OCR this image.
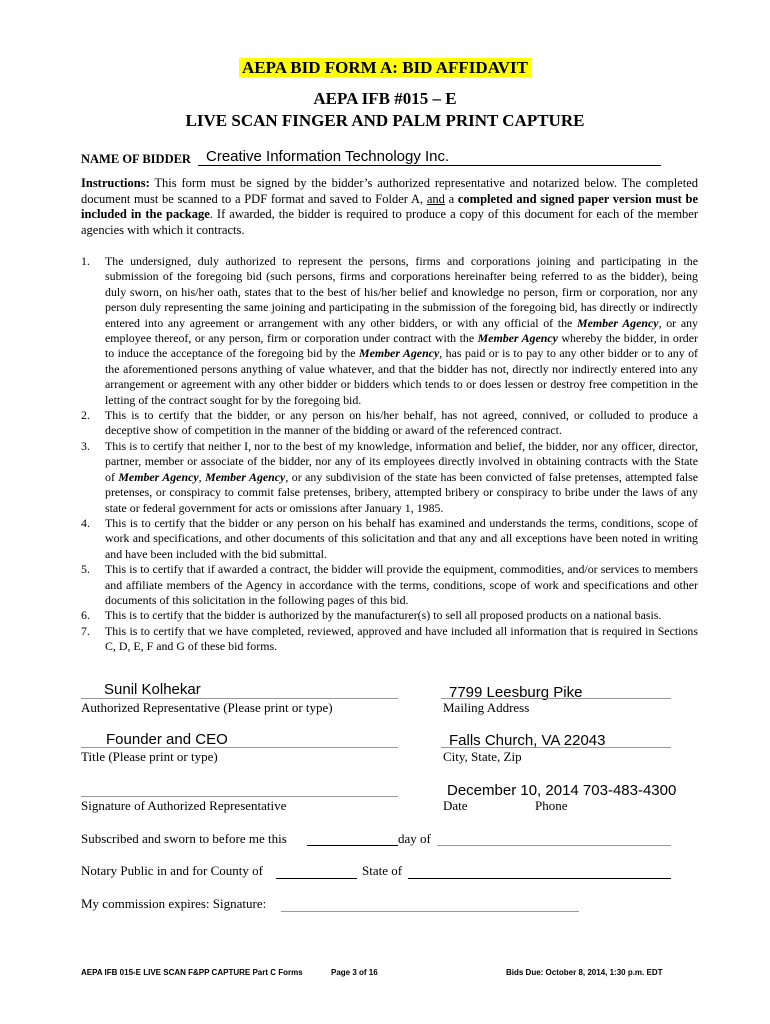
AEPA BID FORM A: BID AFFIDAVIT
AEPA IFB #015 – E
LIVE SCAN FINGER AND PALM PRINT CAPTURE
NAME OF BIDDER Creative Information Technology Inc.
Instructions: This form must be signed by the bidder’s authorized representative and notarized below. The completed document must be scanned to a PDF format and saved to Folder A, and a completed and signed paper version must be included in the package. If awarded, the bidder is required to produce a copy of this document for each of the member agencies with which it contracts.
1. The undersigned, duly authorized to represent the persons, firms and corporations joining and participating in the submission of the foregoing bid (such persons, firms and corporations hereinafter being referred to as the bidder), being duly sworn, on his/her oath, states that to the best of his/her belief and knowledge no person, firm or corporation, nor any person duly representing the same joining and participating in the submission of the foregoing bid, has directly or indirectly entered into any agreement or arrangement with any other bidders, or with any official of the Member Agency, or any employee thereof, or any person, firm or corporation under contract with the Member Agency whereby the bidder, in order to induce the acceptance of the foregoing bid by the Member Agency, has paid or is to pay to any other bidder or to any of the aforementioned persons anything of value whatever, and that the bidder has not, directly nor indirectly entered into any arrangement or agreement with any other bidder or bidders which tends to or does lessen or destroy free competition in the letting of the contract sought for by the foregoing bid.
2. This is to certify that the bidder, or any person on his/her behalf, has not agreed, connived, or colluded to produce a deceptive show of competition in the manner of the bidding or award of the referenced contract.
3. This is to certify that neither I, nor to the best of my knowledge, information and belief, the bidder, nor any officer, director, partner, member or associate of the bidder, nor any of its employees directly involved in obtaining contracts with the State of Member Agency, Member Agency, or any subdivision of the state has been convicted of false pretenses, attempted false pretenses, or conspiracy to commit false pretenses, bribery, attempted bribery or conspiracy to bribe under the laws of any state or federal government for acts or omissions after January 1, 1985.
4. This is to certify that the bidder or any person on his behalf has examined and understands the terms, conditions, scope of work and specifications, and other documents of this solicitation and that any and all exceptions have been noted in writing and have been included with the bid submittal.
5. This is to certify that if awarded a contract, the bidder will provide the equipment, commodities, and/or services to members and affiliate members of the Agency in accordance with the terms, conditions, scope of work and specifications and other documents of this solicitation in the following pages of this bid.
6. This is to certify that the bidder is authorized by the manufacturer(s) to sell all proposed products on a national basis.
7. This is to certify that we have completed, reviewed, approved and have included all information that is required in Sections C, D, E, F and G of these bid forms.
Sunil Kolhekar
Authorized Representative (Please print or type)
7799 Leesburg Pike
Mailing Address
Founder and CEO
Title (Please print or type)
Falls Church, VA 22043
City, State, Zip
December 10, 2014 703-483-4300
Signature of Authorized Representative	Date	Phone
Subscribed and sworn to before me this	day of
Notary Public in and for County of	State of
My commission expires: Signature:
AEPA IFB 015-E LIVE SCAN F&PP CAPTURE Part C Forms	Page 3 of 16	Bids Due: October 8, 2014, 1:30 p.m. EDT
